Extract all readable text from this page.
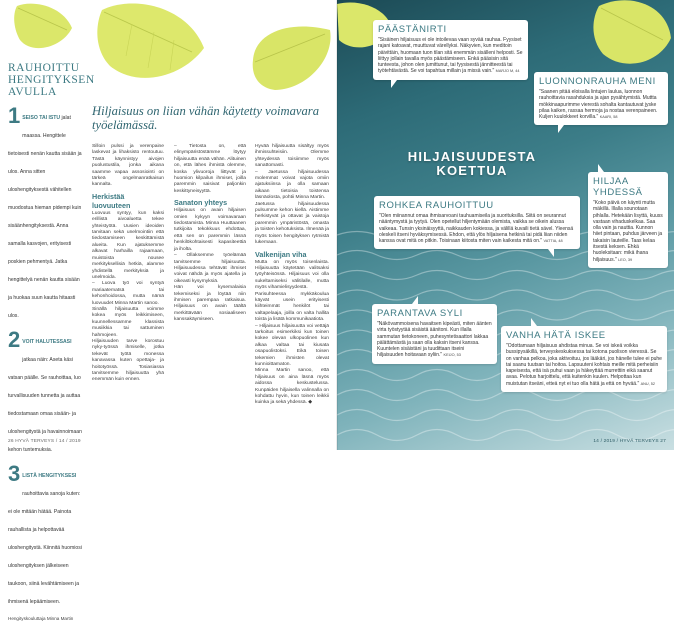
RAUHOITTU HENGITYKSEN AVULLA
1 SEISO TAI ISTU jalat maassa. Hengittele tietoisesti nenän kautta sisään ja ulos. Anna sitten uloshengityksestä vähitellen muodostua hieman pidempi kuin sisäänhengityksestä. Anna samalla kasvojen, erityisesti poskien pehmentyä. Jatka hengittelyä nenän kautta sisään ja huokaa suun kautta hitaasti ulos.
2 VOIT HALUTESSASI jatkaa näin: Aseta käsi vatsan päälle. Se rauhoittaa, luo turvallisuuden tunnetta ja auttaa tiedostamaan omaa sisään- ja uloshengitystä ja havainnoimaan kehon tuntemuksia.
3 LISTÄ HENGITYKSESI rauhoittavia sanoja kuten: ei ole mitään hätää. Painota rauhallista ja helpottavää uloshengitystä. Kiinnitä huomiosi uloshengityksen jälkeiseen taukoon, siinä levähtämiseen ja ihmisenä lepäämiseen.
Hengityskouluttaja Minna Martin
Hiljaisuus on liian vähän käytetty voimavara työelämässä.

Silloin pulssi ja verenpaine laskevat ja lihaksisto rentoutuu. Tästä käynnistyy aivojen puolustustila, jonka aikana saamme vapaa assosiointi on tärkeä ongelmanratkaisun kannalta.

Herkistää luovuuteen

Luovuus syntyy, kun kaksi erillistä aivoaluetta tekee yhteistyötä. Uusien ideoiden tarvitaan sekä unelmointiin että tiedostamiseen keskittämistä alueita. Kun ajatuksemme alkavat harhailla rajaamaan, muistoista nousee merkityksellisiä hetkiä, alamme yhdistellä merkityksiä ja unelmoida.

– Luova työ voi syntyä mariaatematsä tai kehonhoidossa, mutta nämä luovuudet Minna Martin sanoo.

Sinällä hiljaisuutta voimme kokea myös leikkimiseen, kuunnellessamme klassista musiikkia tai sattuminen hahmojeen.

Hiljaisuuden tarve korostuu nyky-työssä ihmiselle, jotka tekevät työtä monessa kanavassa kuten opettaja- ja hoitotyössä. Tosiasiassa tarvitsemme hiljaisuutta yhä enemmän kuin ennen.

– Tietosta on, että elinympäristöstämme löytyy hiljaisuutta enää vähän. Alituinen on, että lähes ihmistä olemme, koska ylivuoroja liittyvät ja huomion kilpailun ihmiset, joilla paremmin saisivat paljonkin keskittyneisyyttä.

Sanaton yhteys

Hiljaisuus on avain hiljaisen omien kykyyn voimavaraan tiedostamista. Minna Huuttaanen tutkijoita tekokkuus ehdottaa, että sen on paremmin läsnä henkilökohtaisesti kapasiteettiä ja iholta.

– Ollaksemme työelämää tarvitsemme hiljaisuutta. Hiljaisuudessa tehtävät ihmiset voivat nähdä ja myös ajatella ja oikeasti kysymyksiä.

Hän voi kysemalaisia tekemiseksi ja löytää niin ihmisen parempaa ratkaisua. Hiljaisuus on avain täältä merkittävään sosiaaliseen kanssakäymiseen.

Hyvää hiljaisuutta sisältyy myös ihmissuhteisiin. Olemme yhteydessä toisiimme myös sanattomasti.

– Jaetussa hiljaisuudessa molemmat voivat vajota omiin ajatuksiinsa ja olla samaan aikaan tietoisia toistensa läsnäolosta, pohtii Minna Martin.

Jaetussa hiljaisuudessa pulsumme kehon kiellä. Aistimme herkistyvät ja ottavat ja vaistoja paremmin ympäristöstä, omasta ja toisten kehotuksista. Ilmenää ja myös toisen hengityksen rytmistä lukemaan.

Valkenijan viha

Mutta on myös toisenlaista. Hiljaisuutta käytetään valitsaksi työyhteisössä. Hiljaisuus voi olla sukeltamiseksi välitilalle, mutta myös vihamielisyydestä.

Parisuhteessa mykkäkoulua käyvät usein erityisesti kiihteimmät henkilöt tai valtapelaaja, joilla on valta hallita toista ja lisätä kommunikaatiota.

– Hiljaisuus hiljaisuutta voi vettäjä tarkoitus esimerkiksi kun toinen kokee olevan ulkopuolinen kun alkaa valtaa tai kiusata osapuolistoksi. Eikä toisen tekemien ihmisten olevat kunnioittamaton.

Minna Martin sanoo, että hiljaisuus on aina läsnä myös aidossa keskustelussa. Kunpäiden hiljaisella valinnalla on kohdattu hyvin, kun toinen leikkii kuinka ja sekä yhdessä. ◆

26 HYVÄ TERVEYS / 14 / 2019
PÄÄSTÄNIRTI
"Sisäinen hiljaisuus ei ole intoilevaa vaan syvää rauhaa. Fyysiset rajani katoavat, muuttuvat värellyksi. Näkyvien, kun meditoin päivittäin, huomaan tuon tilan sitä enemmän sisälleni helposti. Se liittyy jollain tavalla myös päästämiseen. Enkä pääsisin sitä tunteesta, johon olen jumittunut, tai fyysisestä jännitteestä tai työtehtävästä. Se voi tapahtua millain ja missä vain." MARJO M, 44
LUONNONRAUHA MENI
"Saanen pitää eloisalla lintujen laulua, luonnon rauhoittavia rasahduksia ja ajan pysähtymistä. Muttta mökkinaapurimme vierestä sohalta kantautuvat jyske pilaa kaiken, rassaa hermoja ja nostaa verenpaineen. Kuljen kuulokkeet korvilla." KAARI, 58
HILJAISUUDESTA KOETTUA
ROHKEA RAUHOITTUU
"Olen miinannut omaa ihmisarvoani tauhuamiseila ja suorituksilla. Siitä on seurannut nääntymystä ja tyytyä. Olen opetellut hiljentymään olemista, vaikka se oikein alussa vaikeaa. Tunsin yksinäisyyttä, naikkauden kokiessa, ja välillä kuvaili tietä sävel. Yleensä oleskeli itseni hyväksymisessä. Ehdon, että ylös hiljaisena hetkinä tai pidä liian niiden kanssa ovat mitä on pitkin. Toisinaan kiitosta miten vain kaikesta mitä on." VATTIA, 48
HILJAA YHDESSÄ
"Koko päivä on käynti mutta mäkillä. Illalla sounotaan pihlalla. Hetekään lisyttä, kuuss vastaan vihaduskelkaa. Saa olla vain ja nauttia. Kunnon hiiet pintaan, puhdus järveen ja takaisin lauteille. Taas kelaa itsestä keksen. Ehkä huoleksitaan: mikä ihana hiljaisuus." LEO, 39
PARANTAVA SYLI
"Näkövammoisena havaitsen kipeästi, miten äänten virta työstyytää sisäistä äänitoni. Kun illalla sammutan tietokoneen, puhesyntetisaattori lakkaa pälättämästä ja saan olla kaksin itseni kanssa. Kuuntelen sisäistäni ja tuudittaan itseini hiljaisuuden hoitavaan syliin." KEIJO, 53
VANHA HÄTÄ ISKEE
"Odottamaan hiljaisuus ahdistaa minua. Se voi iskeä voikka bussipysäkillä, terveyskeskuksessa tai kotona puolison vieressä. Se on vanhaa pelkoa, joka aktivoituu, jos lääkäri, jos hänelle tulee ei puhe tai saanu tuutsan tai hoitoa. Lapsuuteni kohtais meille mitä perheisiin kapeisesta, että isä puhui vaan ja häkeyttää murrettiin eikä saanut avaa. Pelotus harjoittelu, että kuitenkin kuulen. Helpottaa kun muistutan itseäni, etteä nyt ei tuo olla hätä ja että on hyvää." ANU, 52
14 / 2019 / HYVÄ TERVEYS 27
